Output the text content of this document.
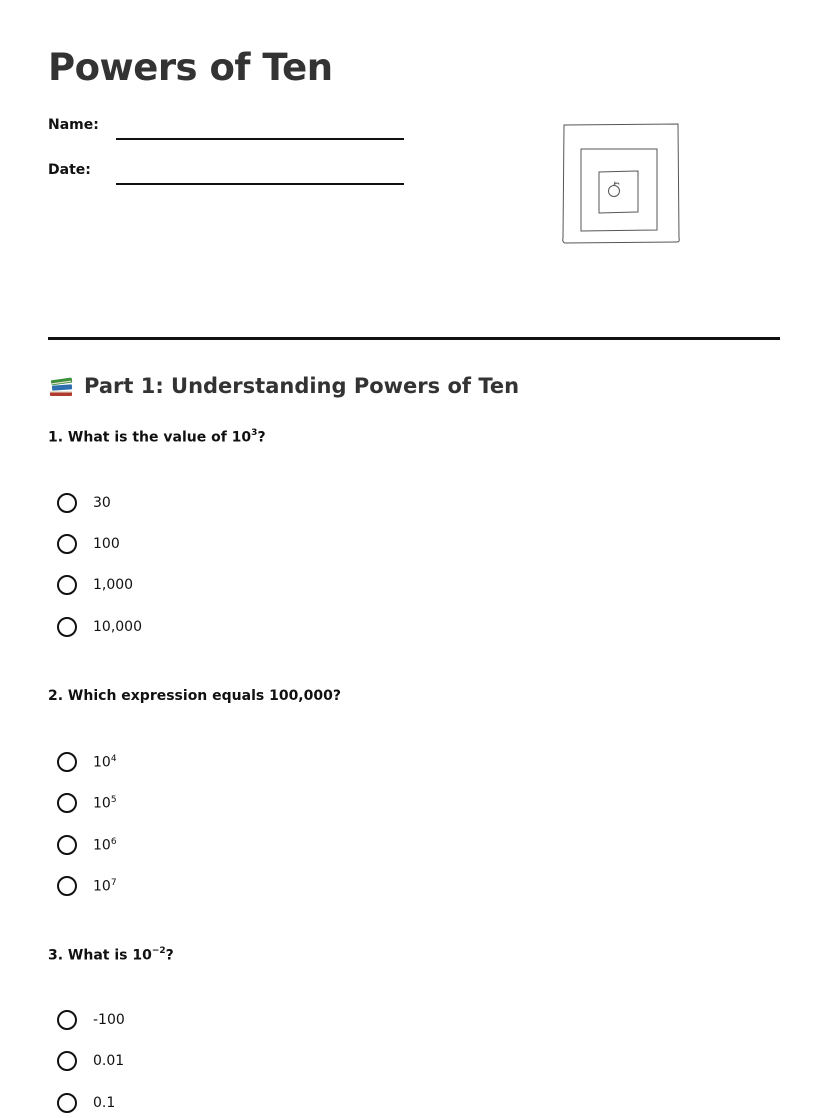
Powers of Ten
Name:
Date:
Part 1: Understanding Powers of Ten

1. What is the value of $10^3$?

30
100
1,000
10,000

2. Which expression equals 100,000?

$10^4$
$10^5$
$10^6$
$10^7$

3. What is $10^{-2}$?

-100
0.01
0.1
